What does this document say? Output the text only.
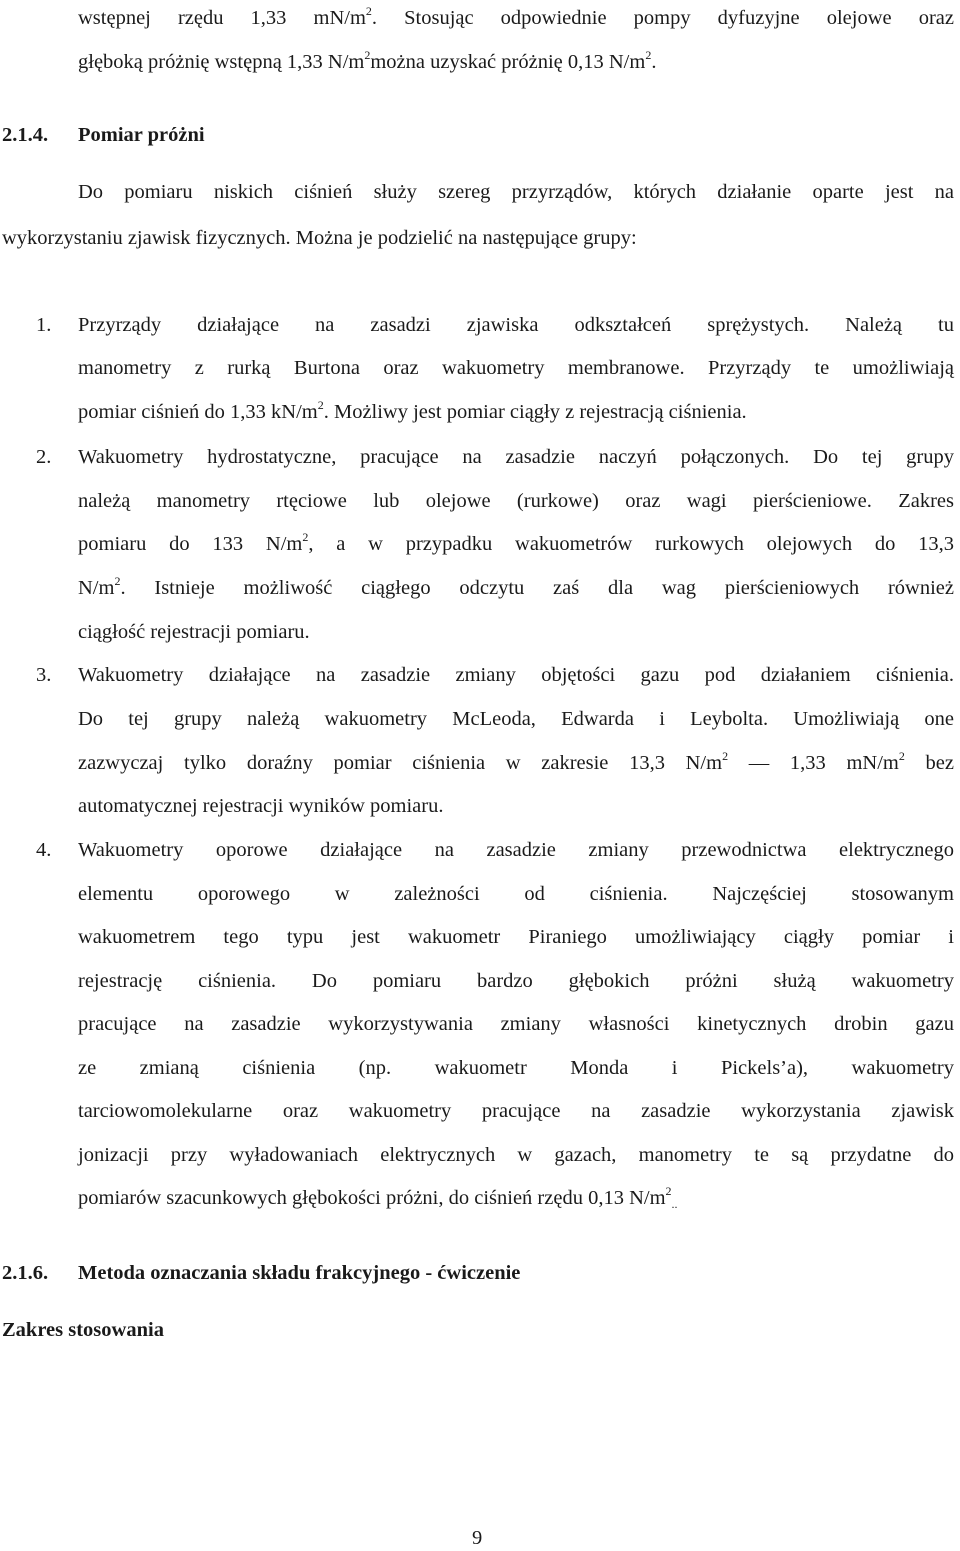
wstępnej rzędu 1,33 $mN/m^2$. Stosując odpowiednie pompy dyfuzyjne olejowe oraz
głęboką próżnię wstępną 1,33 $N/m^2można$ uzyskać próżnię 0,13 $N/m^2$.
2.1.4. Pomiar próżni
Do pomiaru niskich ciśnień służy szereg przyrządów, których działanie oparte jest na
wykorzystaniu zjawisk fizycznych. Można je podzielić na następujące grupy:
1. Przyrządy działające na zasadzi zjawiska odkształceń sprężystych. Należą tu
manometry z rurką Burtona oraz wakuometry membranowe. Przyrządy te umożliwiają
pomiar ciśnień do 1,33 $kN/m^2$. Możliwy jest pomiar ciągły z rejestracją ciśnienia.
2. Wakuometry hydrostatyczne, pracujące na zasadzie naczyń połączonych. Do tej grupy
należą manometry rtęciowe lub olejowe (rurkowe) oraz wagi pierścieniowe. Zakres
pomiaru do 133 $N/m^2$, a w przypadku wakuometrów rurkowych olejowych do 13,3
$N/m^2$. Istnieje możliwość ciągłego odczytu zaś dla wag pierścieniowych również
ciągłość rejestracji pomiaru.
3. Wakuometry działające na zasadzie zmiany objętości gazu pod działaniem ciśnienia.
Do tej grupy należą wakuometry McLeoda, Edwarda i Leybolta. Umożliwiają one
zazwyczaj tylko doraźny pomiar ciśnienia w zakresie 13,3 $N/m^2$ — 1,33 $mN/m^2$ bez
automatycznej rejestracji wyników pomiaru.
4. Wakuometry oporowe działające na zasadzie zmiany przewodnictwa elektrycznego
elementu oporowego w zależności od ciśnienia. Najczęściej stosowanym
wakuometrem tego typu jest wakuometr Piraniego umożliwiający ciągły pomiar i
rejestrację ciśnienia. Do pomiaru bardzo głębokich próżni służą wakuometry
pracujące na zasadzie wykorzystywania zmiany własności kinetycznych drobin gazu
ze zmianą ciśnienia (np. wakuometr Monda i Pickels’a), wakuometry
tarciowomolekularne oraz wakuometry pracujące na zasadzie wykorzystania zjawisk
jonizacji przy wyładowaniach elektrycznych w gazach, manometry te są przydatne do
pomiarów szacunkowych głębokości próżni, do ciśnień rzędu 0,13 $N/m^2_{..}$
2.1.6. Metoda oznaczania składu frakcyjnego - ćwiczenie
Zakres stosowania
9
